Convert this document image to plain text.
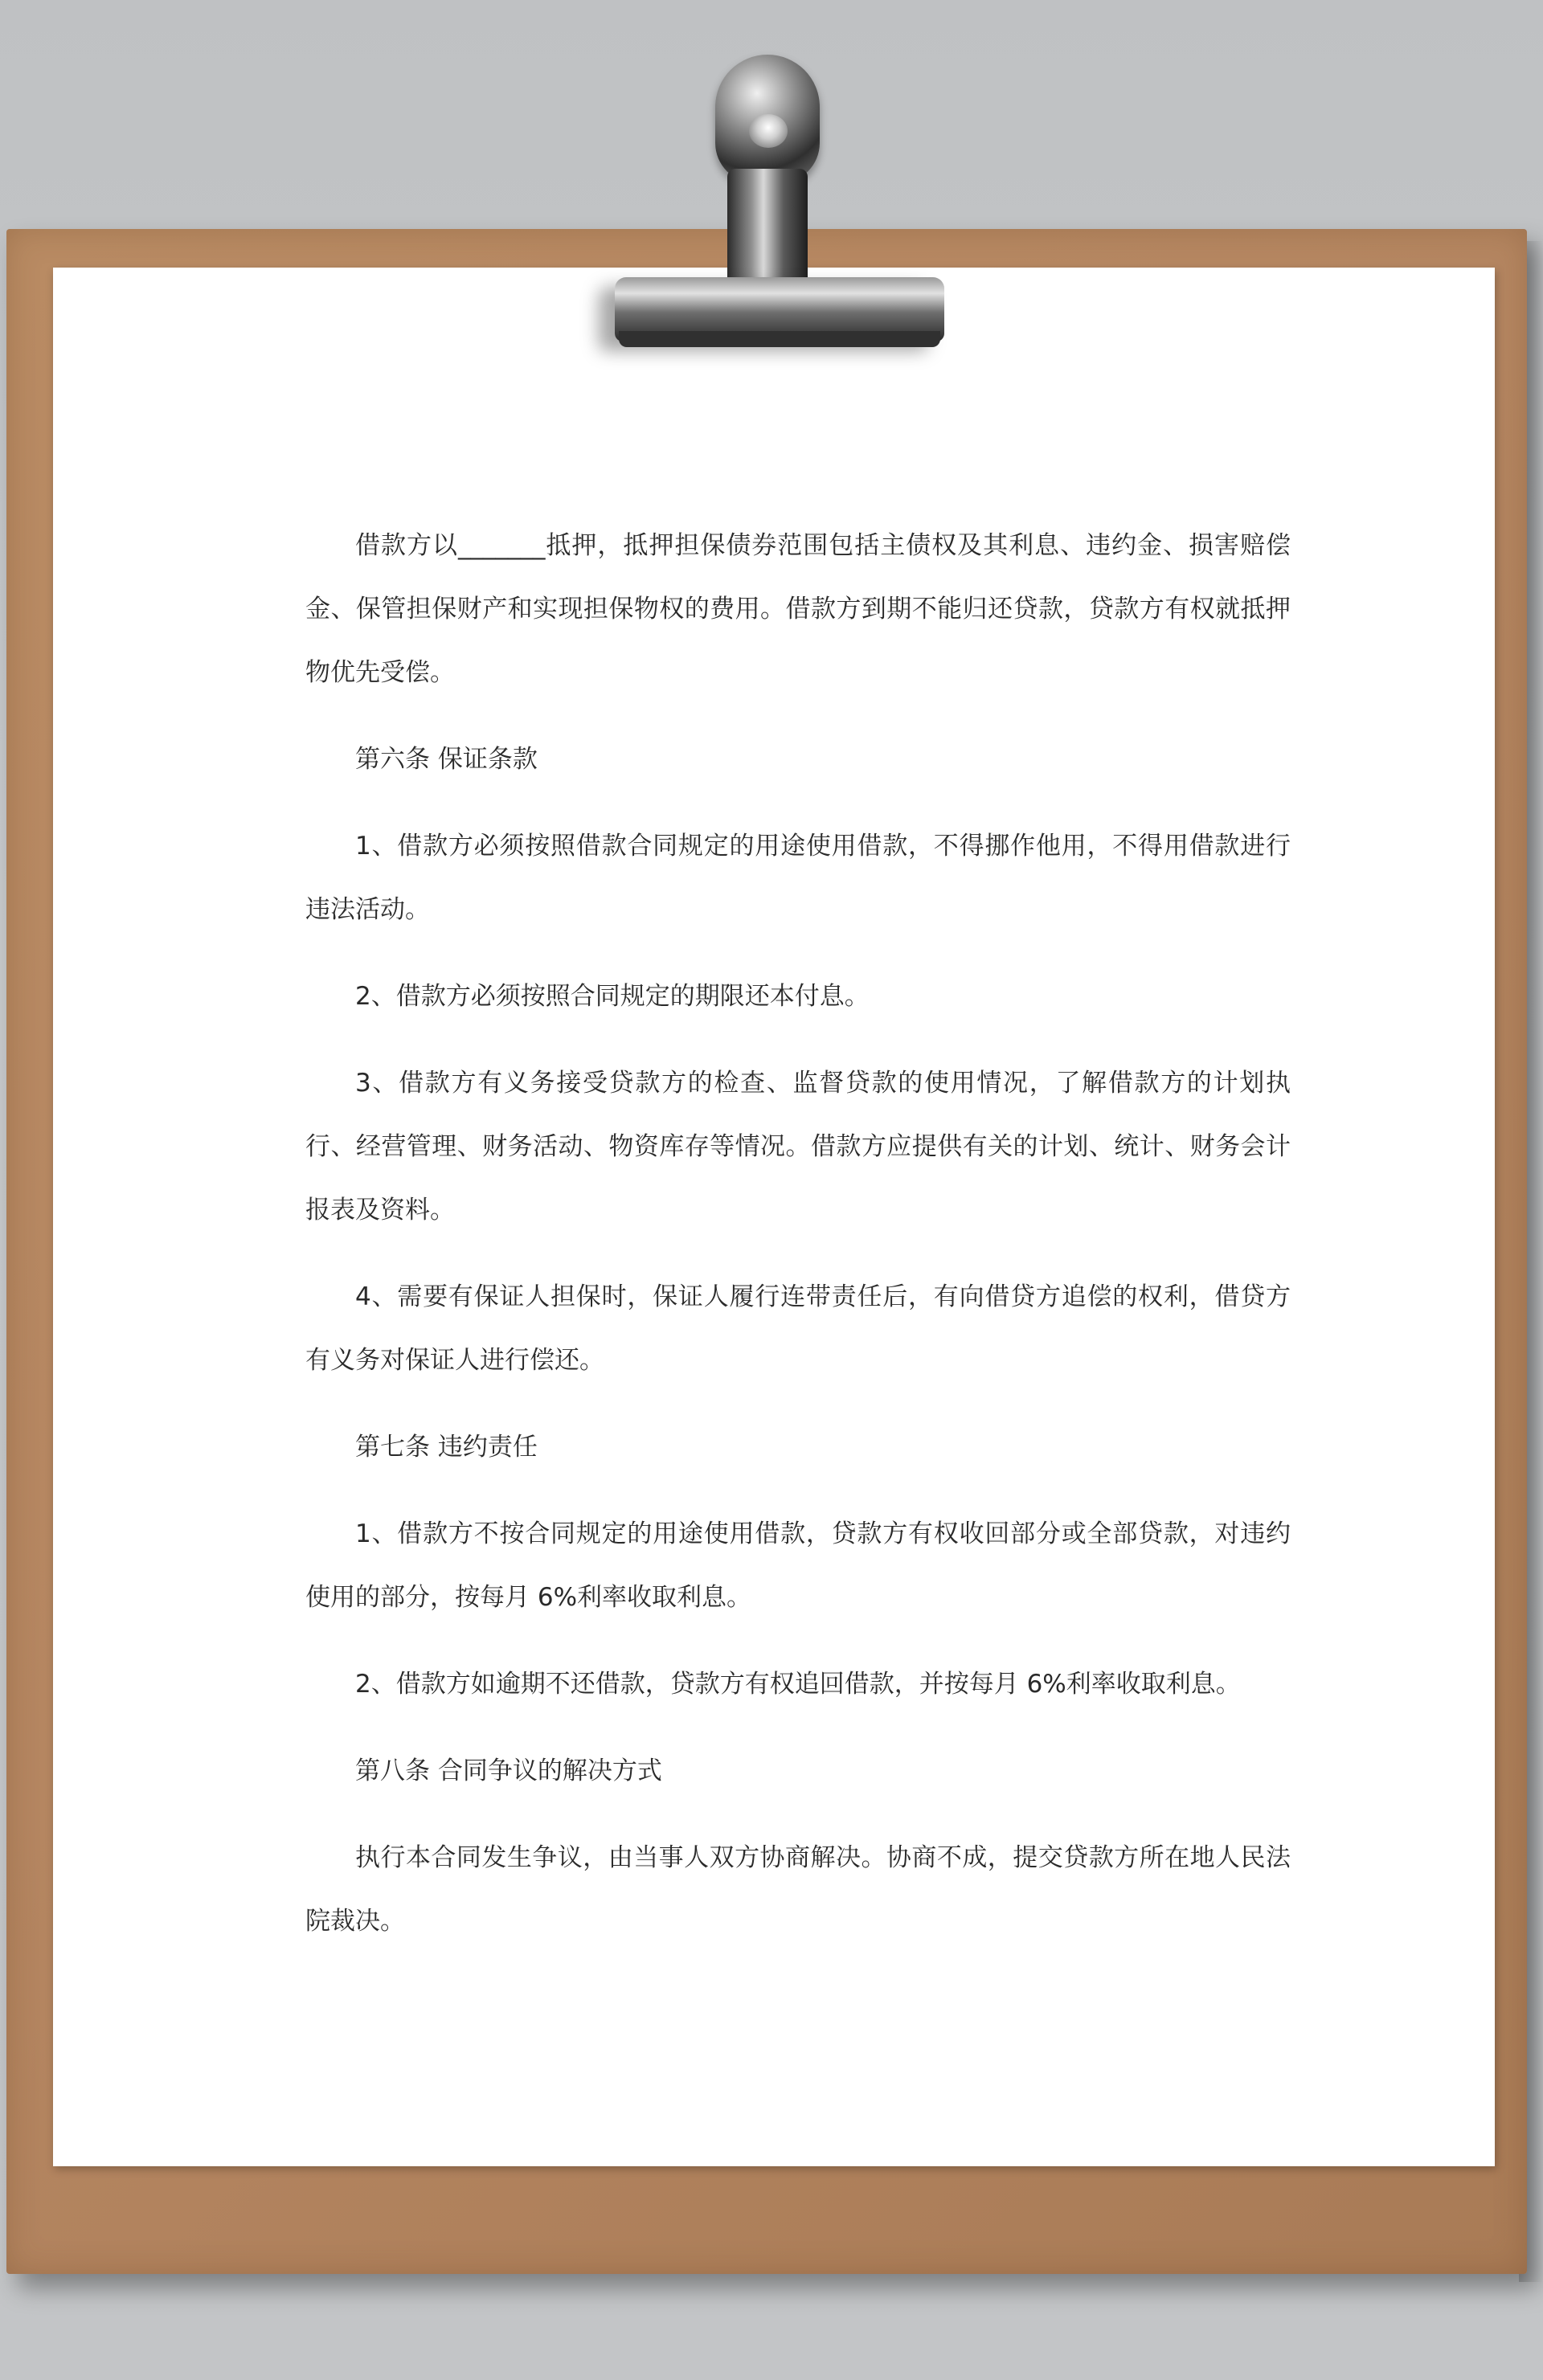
借款方以_______抵押，抵押担保债券范围包括主债权及其利息、违约金、损害赔偿金、保管担保财产和实现担保物权的费用。借款方到期不能归还贷款，贷款方有权就抵押物优先受偿。

第六条 保证条款

1、借款方必须按照借款合同规定的用途使用借款，不得挪作他用，不得用借款进行违法活动。

2、借款方必须按照合同规定的期限还本付息。

3、借款方有义务接受贷款方的检查、监督贷款的使用情况，了解借款方的计划执行、经营管理、财务活动、物资库存等情况。借款方应提供有关的计划、统计、财务会计报表及资料。

4、需要有保证人担保时，保证人履行连带责任后，有向借贷方追偿的权利，借贷方有义务对保证人进行偿还。

第七条 违约责任

1、借款方不按合同规定的用途使用借款，贷款方有权收回部分或全部贷款，对违约使用的部分，按每月 6%利率收取利息。

2、借款方如逾期不还借款，贷款方有权追回借款，并按每月 6%利率收取利息。

第八条 合同争议的解决方式

执行本合同发生争议，由当事人双方协商解决。协商不成，提交贷款方所在地人民法院裁决。
